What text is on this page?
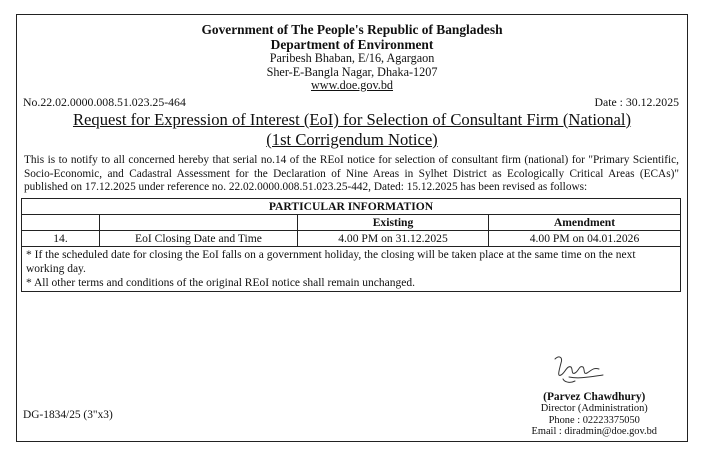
Government of The People's Republic of Bangladesh
Department of Environment
Paribesh Bhaban, E/16, Agargaon
Sher-E-Bangla Nagar, Dhaka-1207
www.doe.gov.bd
No.22.02.0000.008.51.023.25-464	Date : 30.12.2025
Request for Expression of Interest (EoI) for Selection of Consultant Firm (National)
(1st Corrigendum Notice)
This is to notify to all concerned hereby that serial no.14 of the REoI notice for selection of consultant firm (national) for "Primary Scientific, Socio-Economic, and Cadastral Assessment for the Declaration of Nine Areas in Sylhet District as Ecologically Critical Areas (ECAs)" published on 17.12.2025 under reference no. 22.02.0000.008.51.023.25-442, Dated: 15.12.2025 has been revised as follows:
PARTICULAR INFORMATION			
		Existing	Amendment
14.	EoI Closing Date and Time	4.00 PM on 31.12.2025	4.00 PM on 04.01.2026

* If the scheduled date for closing the EoI falls on a government holiday, the closing will be taken place at the same time on the next working day.
* All other terms and conditions of the original REoI notice shall remain unchanged.			
(Parvez Chawdhury)
Director (Administration)
Phone : 02223375050
Email : diradmin@doe.gov.bd
DG-1834/25 (3"x3)
